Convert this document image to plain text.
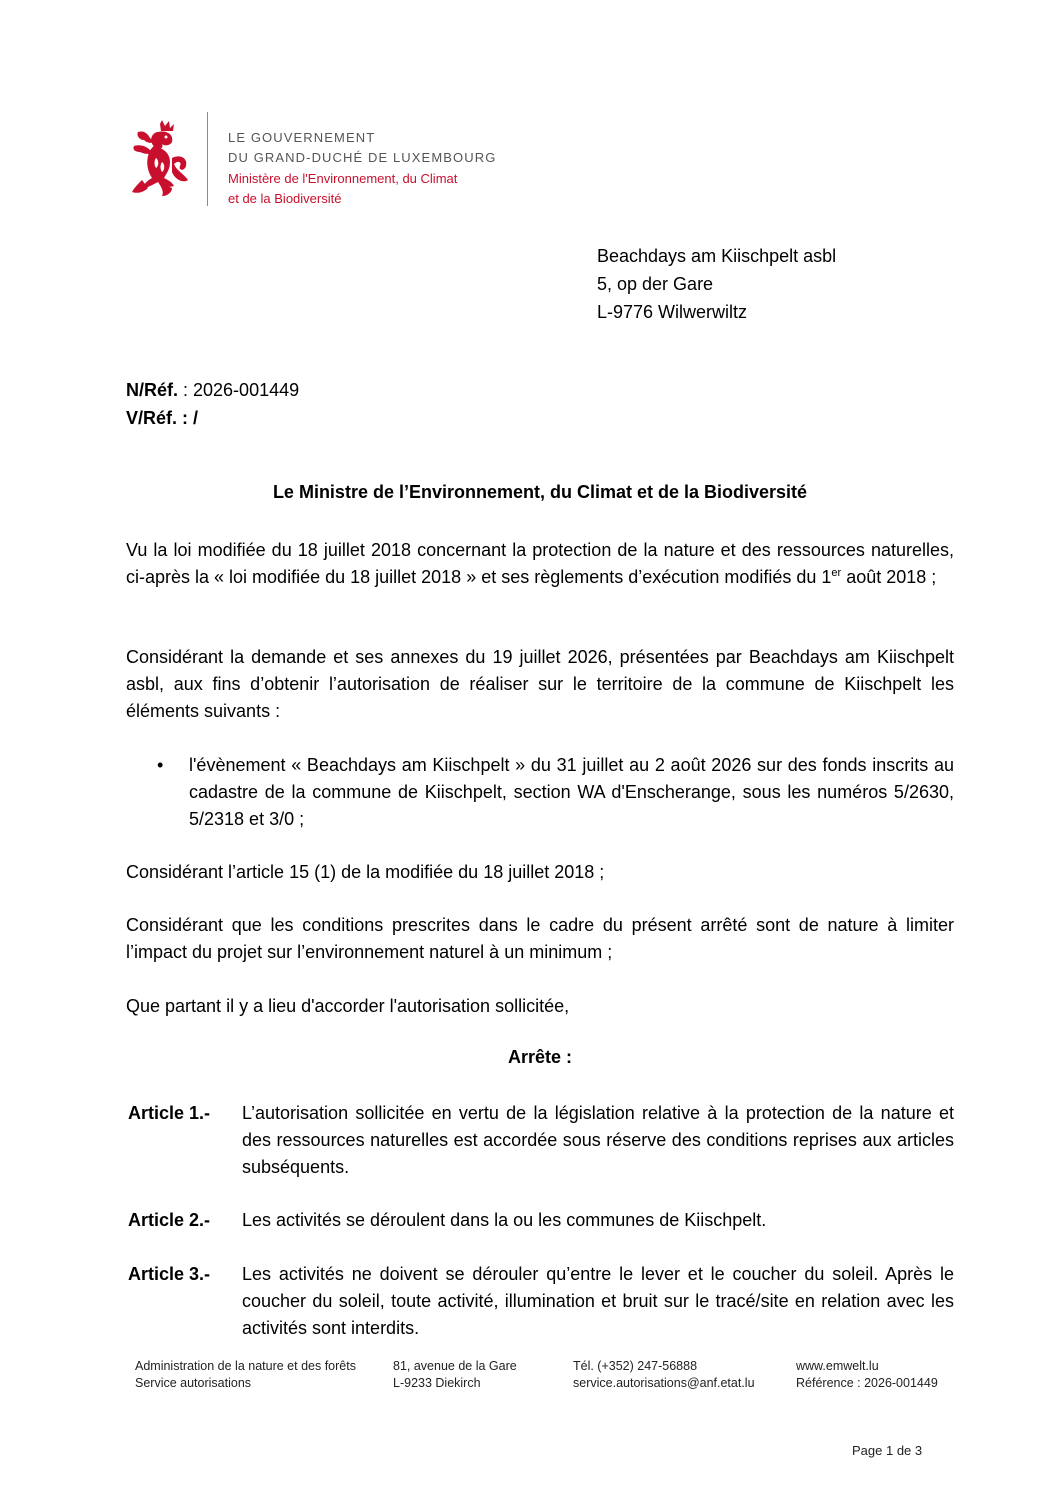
LE GOUVERNEMENT
DU GRAND-DUCHÉ DE LUXEMBOURG
Ministère de l'Environnement, du Climat
et de la Biodiversité
Beachdays am Kiischpelt asbl
5, op der Gare
L-9776 Wilwerwiltz
N/Réf. : 2026-001449
V/Réf. : /
Le Ministre de l’Environnement, du Climat et de la Biodiversité
Vu la loi modifiée du 18 juillet 2018 concernant la protection de la nature et des ressources naturelles, ci-après la « loi modifiée du 18 juillet 2018 » et ses règlements d’exécution modifiés du 1er août 2018 ;
Considérant la demande et ses annexes du 19 juillet 2026, présentées par Beachdays am Kiischpelt asbl, aux fins d’obtenir l’autorisation de réaliser sur le territoire de la commune de Kiischpelt les éléments suivants :
• l'évènement « Beachdays am Kiischpelt » du 31 juillet au 2 août 2026 sur des fonds inscrits au cadastre de la commune de Kiischpelt, section WA d'Enscherange, sous les numéros 5/2630, 5/2318 et 3/0 ;
Considérant l’article 15 (1) de la modifiée du 18 juillet 2018 ;
Considérant que les conditions prescrites dans le cadre du présent arrêté sont de nature à limiter l’impact du projet sur l’environnement naturel à un minimum ;
Que partant il y a lieu d'accorder l'autorisation sollicitée,
Arrête :
Article 1.- L’autorisation sollicitée en vertu de la législation relative à la protection de la nature et des ressources naturelles est accordée sous réserve des conditions reprises aux articles subséquents.
Article 2.- Les activités se déroulent dans la ou les communes de Kiischpelt.
Article 3.- Les activités ne doivent se dérouler qu’entre le lever et le coucher du soleil. Après le coucher du soleil, toute activité, illumination et bruit sur le tracé/site en relation avec les activités sont interdits.
Administration de la nature et des forêts
Service autorisations
81, avenue de la Gare
L-9233 Diekirch
Tél. (+352) 247-56888
service.autorisations@anf.etat.lu
www.emwelt.lu
Référence : 2026-001449
Page 1 de 3
